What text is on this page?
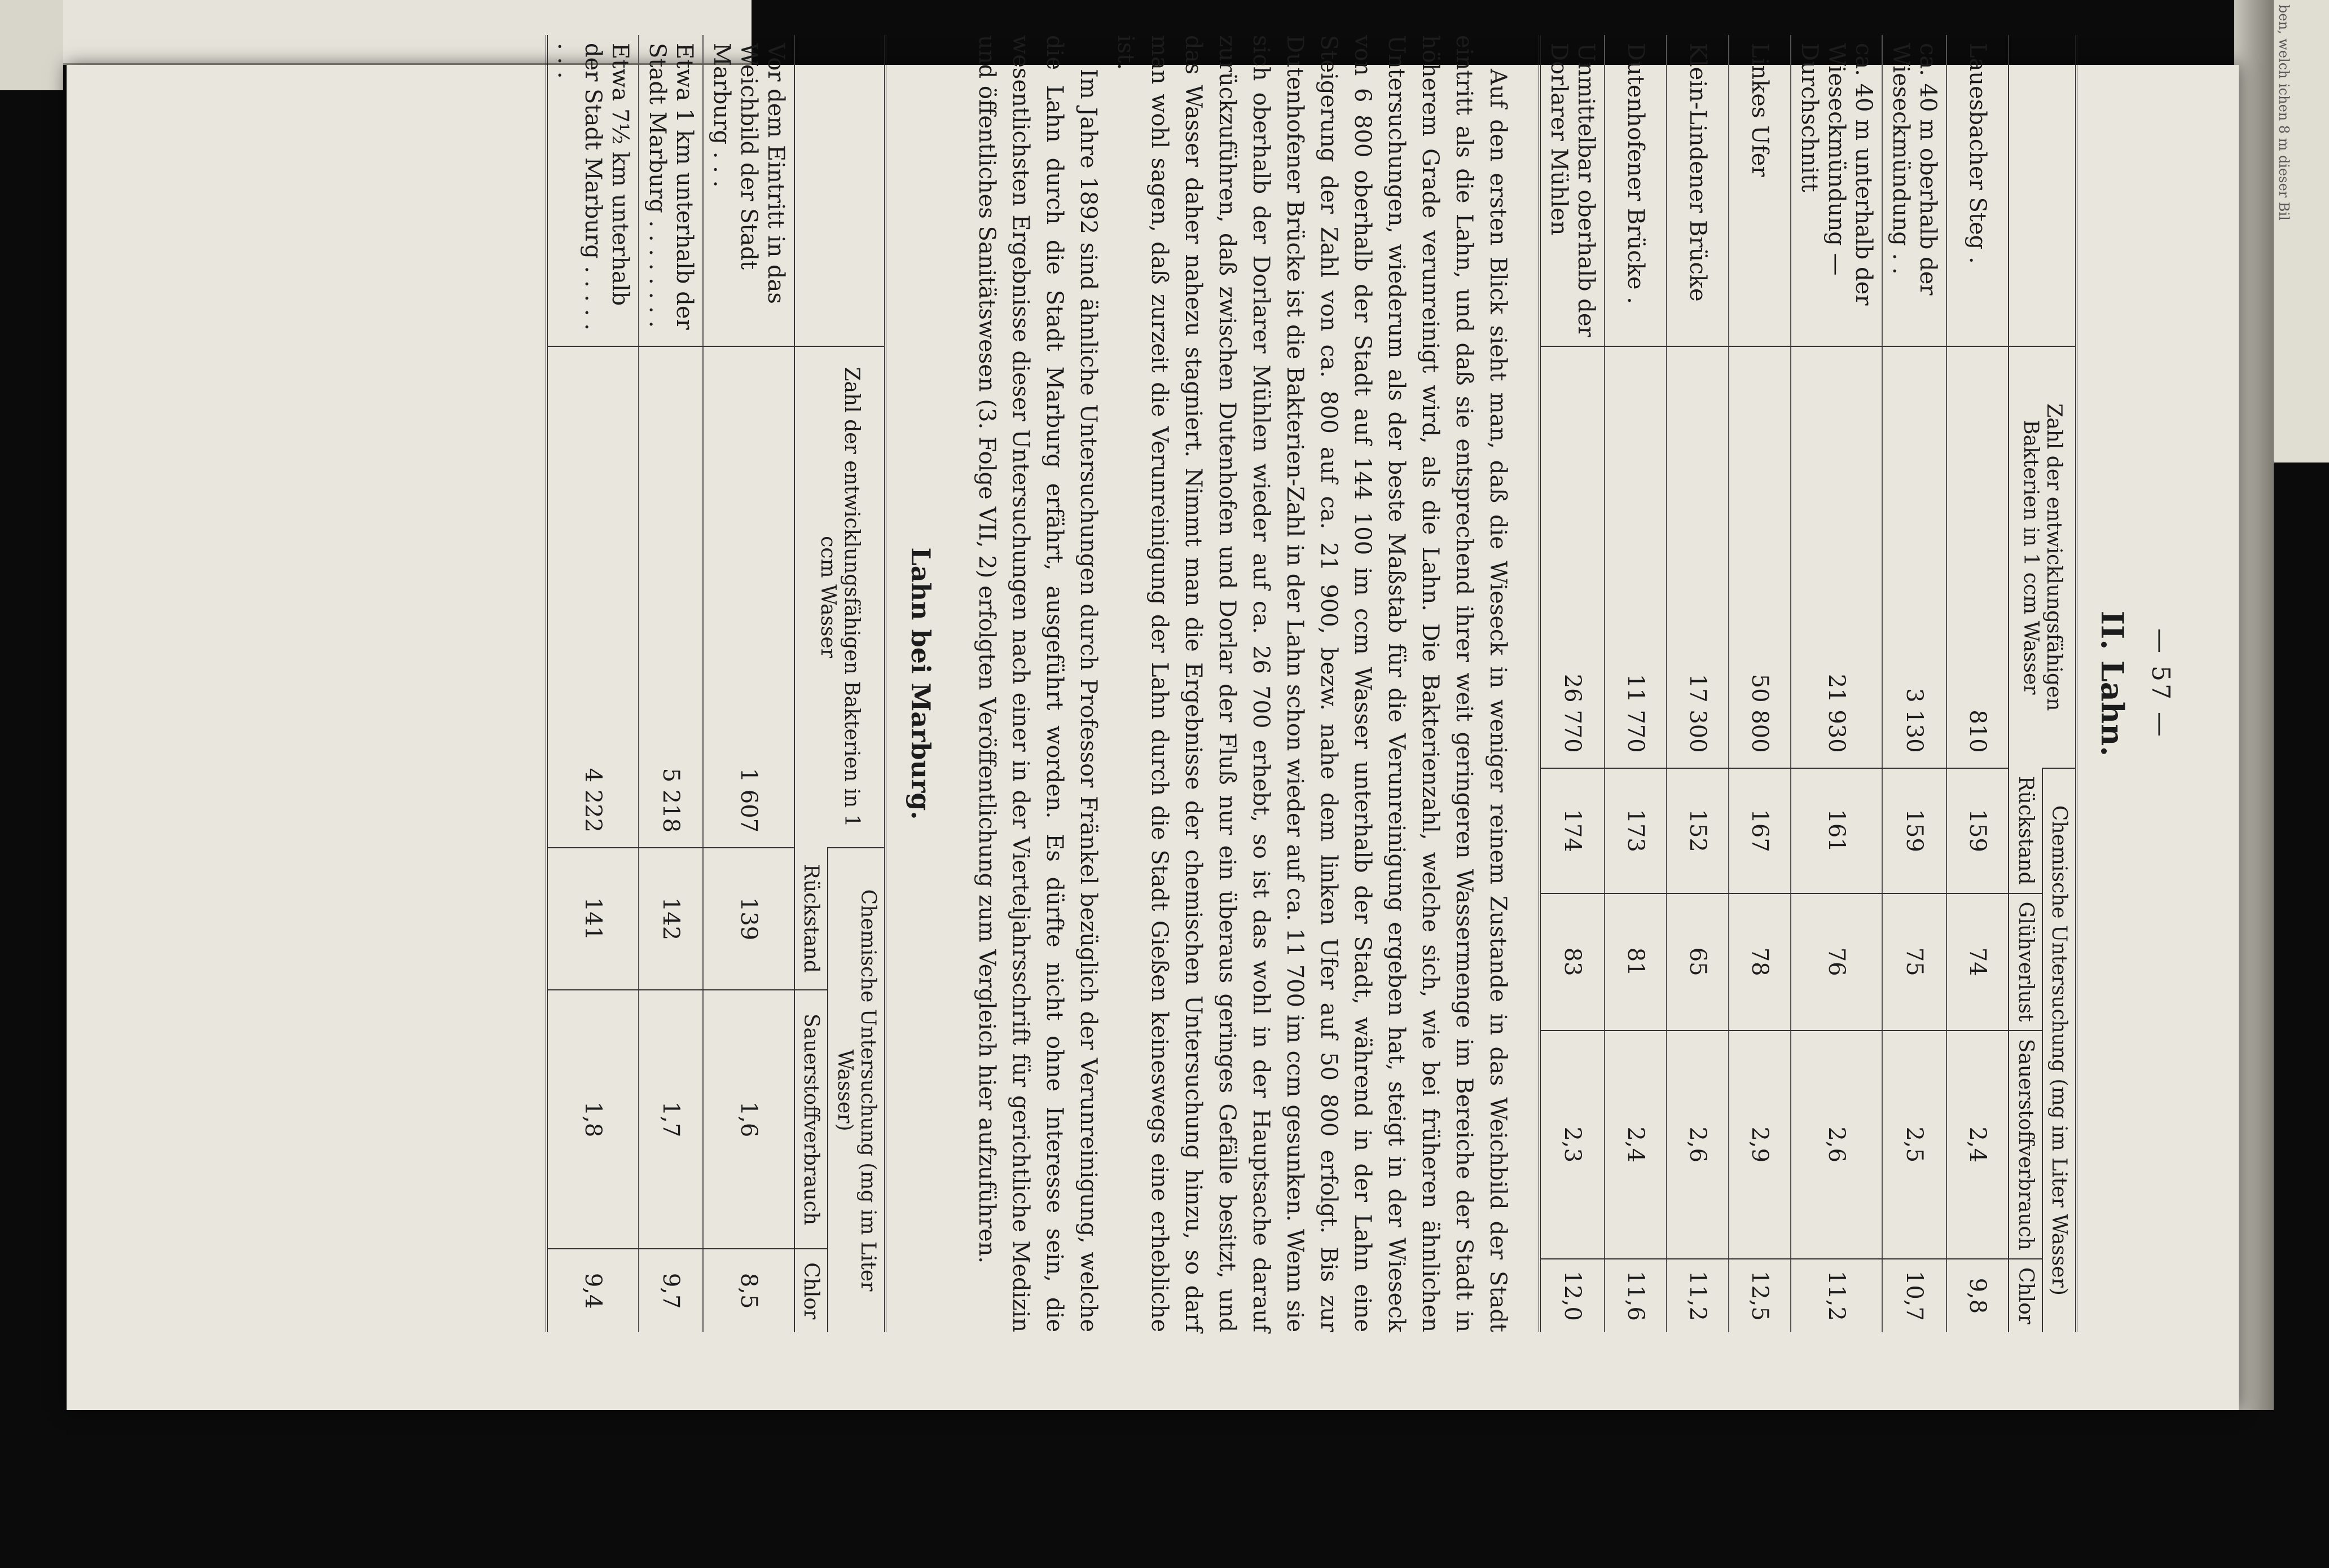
ben, welch
ichen 8 m
dieser Bil
— 57 —
II. Lahn.
	Zahl der entwicklungsfähigen Bakterien in 1 ccm Wasser	Chemische Untersuchung (mg im Liter Wasser)			
		Rückstand	Glühverlust	Sauerstoffverbrauch	Chlor
Lauesbacher Steg .	810	159	74	2,4	9,8
ca. 40 m oberhalb der Wieseckmündung . .	3 130	159	75	2,5	10,7
ca. 40 m unterhalb der Wieseckmündung — Durchschnitt	21 930	161	76	2,6	11,2
Linkes Ufer	50 800	167	78	2,9	12,5
Klein-Lindener Brücke	17 300	152	65	2,6	11,2
Dutenhofener Brücke .	11 770	173	81	2,4	11,6
Unmittelbar oberhalb der Dorlarer Mühlen	26 770	174	83	2,3	12,0

Auf den ersten Blick sieht man, daß die Wieseck in weniger reinem Zustande in das Weichbild der Stadt eintritt als die Lahn, und daß sie entsprechend ihrer weit geringeren Wassermenge im Bereiche der Stadt in höherem Grade verunreinigt wird, als die Lahn. Die Bakterienzahl, welche sich, wie bei früheren ähnlichen Untersuchungen, wiederum als der beste Maßstab für die Verunreinigung ergeben hat, steigt in der Wieseck von 6 800 oberhalb der Stadt auf 144 100 im ccm Wasser unterhalb der Stadt, während in der Lahn eine Steigerung der Zahl von ca. 800 auf ca. 21 900, bezw. nahe dem linken Ufer auf 50 800 erfolgt. Bis zur Dutenhofener Brücke ist die Bakterien-Zahl in der Lahn schon wieder auf ca. 11 700 im ccm gesunken. Wenn sie sich oberhalb der Dorlarer Mühlen wieder auf ca. 26 700 erhebt, so ist das wohl in der Hauptsache darauf zurückzuführen, daß zwischen Dutenhofen und Dorlar der Fluß nur ein überaus geringes Gefälle besitzt, und das Wasser daher nahezu stagniert. Nimmt man die Ergebnisse der chemischen Untersuchung hinzu, so darf man wohl sagen, daß zurzeit die Verunreinigung der Lahn durch die Stadt Gießen keineswegs eine erhebliche ist.

Im Jahre 1892 sind ähnliche Untersuchungen durch Professor Fränkel bezüglich der Verunreinigung, welche die Lahn durch die Stadt Marburg erfährt, ausgeführt worden. Es dürfte nicht ohne Interesse sein, die wesentlichsten Ergebnisse dieser Untersuchungen nach einer in der Vierteljahrsschrift für gerichtliche Medizin und öffentliches Sanitätswesen (3. Folge VII, 2) erfolgten Veröffentlichung zum Vergleich hier aufzuführen.

Lahn bei Marburg.
	Zahl der entwicklungsfähigen Bakterien in 1 ccm Wasser	Chemische Untersuchung (mg im Liter Wasser)		
		Rückstand	Sauerstoffverbrauch	Chlor
Vor dem Eintritt in das Weichbild der Stadt Marburg . . .	1 607	139	1,6	8,5
Etwa 1 km unterhalb der Stadt Marburg . . . . . . . .	5 218	142	1,7	9,7
Etwa 7½ km unterhalb der Stadt Marburg . . . . . . . .	4 222	141	1,8	9,4
